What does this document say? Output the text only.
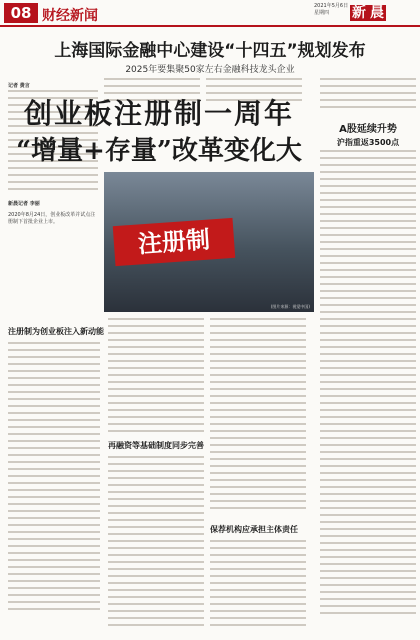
08 财经新闻
2021年5月6日
星期四	新 晨
上海国际金融中心建设“十四五”规划发布
2025年要集聚50家左右金融科技龙头企业
记者 费言
创业板注册制一周年
“增量+存量”改革变化大
新晨记者 李丽
2020年8月24日，创业板改革并试点注册制下首批企业上市。
注册制
(图片来源：视觉中国)
注册制为创业板注入新动能
再融资等基础制度同步完善
保荐机构应承担主体责任
A股延续升势
沪指重返3500点
